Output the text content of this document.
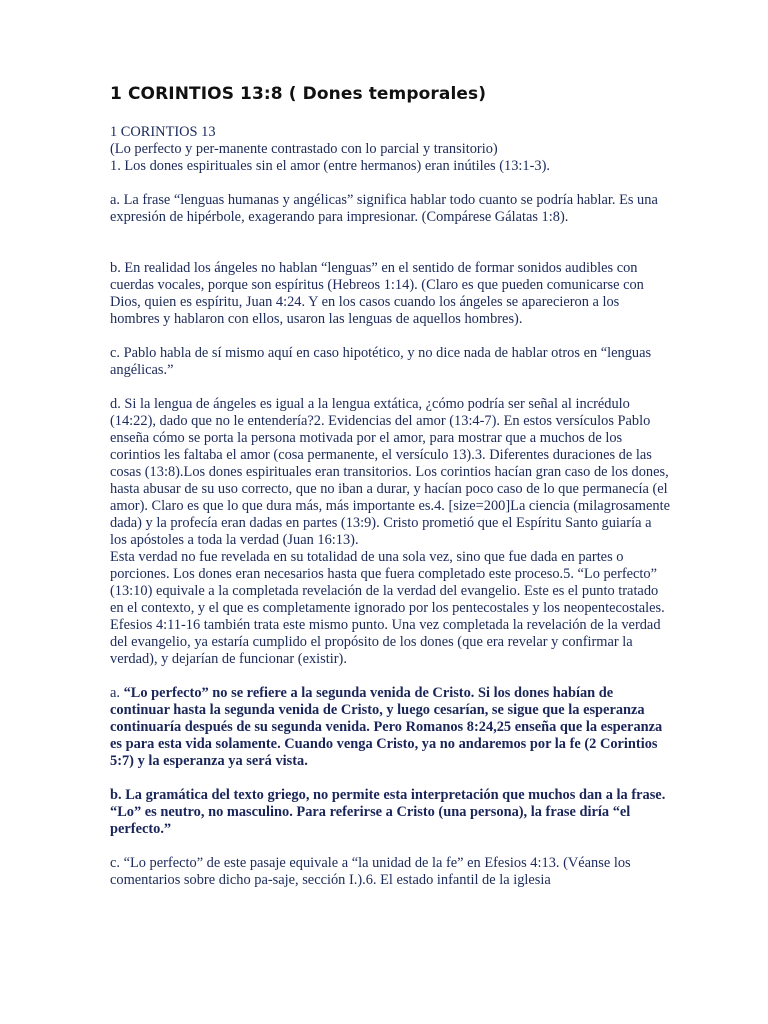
1 CORINTIOS 13:8 ( Dones temporales)

1 CORINTIOS 13

(Lo perfecto y per-manente contrastado con lo parcial y transitorio)

1. Los dones espirituales sin el amor (entre hermanos) eran inútiles (13:1-3).

a. La frase “lenguas humanas y angélicas” significa hablar todo cuanto se podría hablar. Es una expresión de hipérbole, exagerando para impresionar. (Compárese Gálatas 1:8).

b. En realidad los ángeles no hablan “lenguas” en el sentido de formar sonidos audibles con cuerdas vocales, porque son espíritus (Hebreos 1:14). (Claro es que pueden comunicarse con Dios, quien es espíritu, Juan 4:24. Y en los casos cuando los ángeles se aparecieron a los hombres y hablaron con ellos, usaron las lenguas de aquellos hombres).

c. Pablo habla de sí mismo aquí en caso hipotético, y no dice nada de hablar otros en “lenguas angélicas.”

d. Si la lengua de ángeles es igual a la lengua extática, ¿cómo podría ser señal al incrédulo (14:22), dado que no le entendería?2. Evidencias del amor (13:4-7). En estos versículos Pablo enseña cómo se porta la persona motivada por el amor, para mostrar que a muchos de los corintios les faltaba el amor (cosa permanente, el versículo 13).3. Diferentes duraciones de las cosas (13:8).Los dones espirituales eran transitorios. Los corintios hacían gran caso de los dones, hasta abusar de su uso correcto, que no iban a durar, y hacían poco caso de lo que permanecía (el amor). Claro es que lo que dura más, más importante es.4. [size=200]La ciencia (milagrosamente dada) y la profecía eran dadas en partes (13:9). Cristo prometió que el Espíritu Santo guiaría a los apóstoles a toda la verdad (Juan 16:13).

Esta verdad no fue revelada en su totalidad de una sola vez, sino que fue dada en partes o porciones. Los dones eran necesarios hasta que fuera completado este proceso.5. “Lo perfecto” (13:10) equivale a la completada revelación de la verdad del evangelio. Este es el punto tratado en el contexto, y el que es completamente ignorado por los pentecostales y los neopentecostales. Efesios 4:11-16 también trata este mismo punto. Una vez completada la revelación de la verdad del evangelio, ya estaría cumplido el propósito de los dones (que era revelar y confirmar la verdad), y dejarían de funcionar (existir).

a. “Lo perfecto” no se refiere a la segunda venida de Cristo. Si los dones habían de continuar hasta la segunda venida de Cristo, y luego cesarían, se sigue que la esperanza continuaría después de su segunda venida. Pero Romanos 8:24,25 enseña que la esperanza es para esta vida solamente. Cuando venga Cristo, ya no andaremos por la fe (2 Corintios 5:7) y la esperanza ya será vista.

b. La gramática del texto griego, no permite esta interpretación que muchos dan a la frase. “Lo” es neutro, no masculino. Para referirse a Cristo (una persona), la frase diría “el perfecto.”

c. “Lo perfecto” de este pasaje equivale a “la unidad de la fe” en Efesios 4:13. (Véanse los comentarios sobre dicho pa-saje, sección I.).6. El estado infantil de la iglesia
